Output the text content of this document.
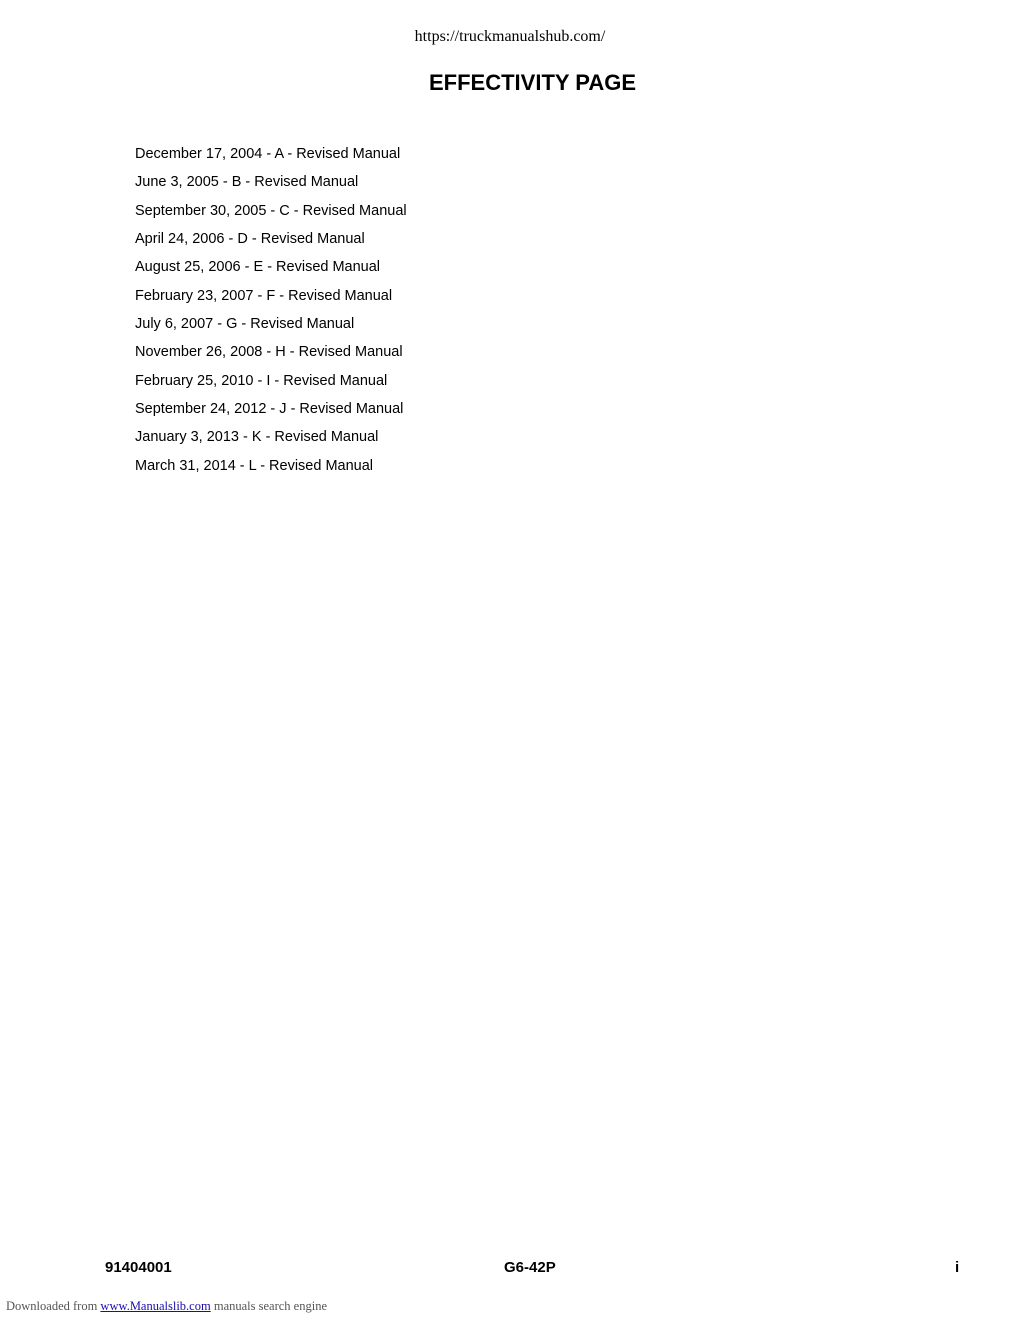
https://truckmanualshub.com/
EFFECTIVITY PAGE
December 17, 2004 - A - Revised Manual
June 3, 2005 - B - Revised Manual
September 30, 2005 - C - Revised Manual
April 24, 2006 - D - Revised Manual
August 25, 2006 - E - Revised Manual
February 23, 2007 - F - Revised Manual
July 6, 2007 - G - Revised Manual
November 26, 2008 - H - Revised Manual
February 25, 2010 - I - Revised Manual
September 24, 2012 - J - Revised Manual
January 3, 2013 - K - Revised Manual
March 31, 2014 - L - Revised Manual
91404001	G6-42P	i
Downloaded from www.Manualslib.com manuals search engine
